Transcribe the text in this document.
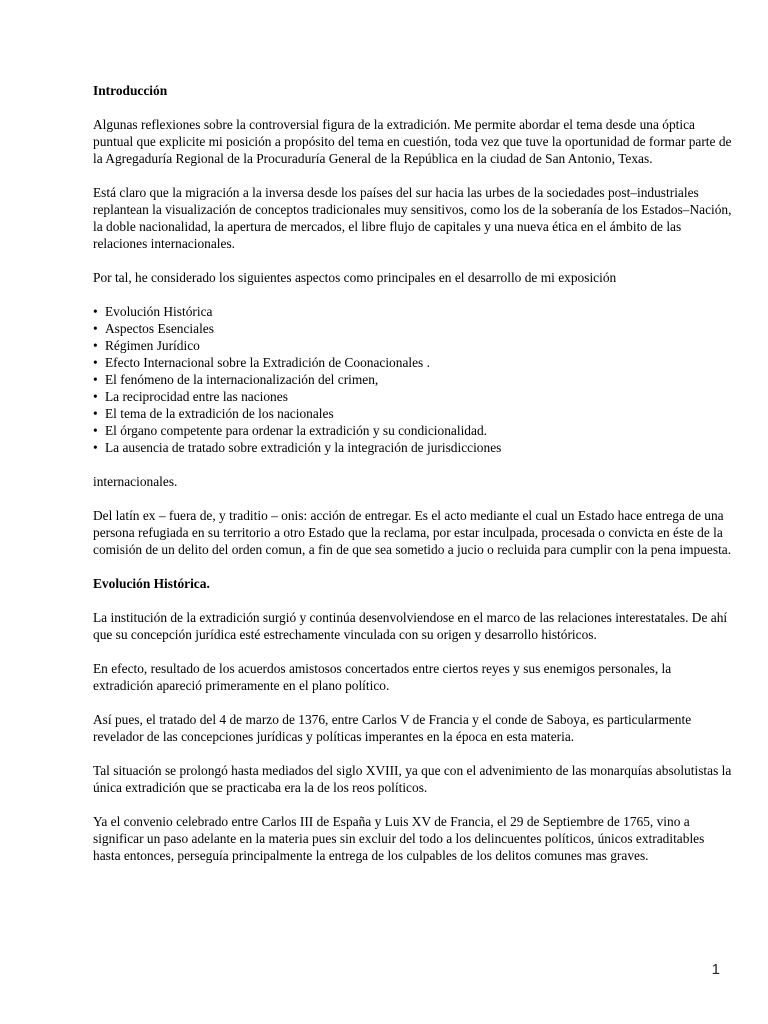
Introducción

Algunas reflexiones sobre la controversial figura de la extradición. Me permite abordar el tema desde una óptica puntual que explicite mi posición a propósito del tema en cuestión, toda vez que tuve la oportunidad de formar parte de la Agregaduría Regional de la Procuraduría General de la República en la ciudad de San Antonio, Texas.

Está claro que la migración a la inversa desde los países del sur hacia las urbes de la sociedades post–industriales replantean la visualización de conceptos tradicionales muy sensitivos, como los de la soberanía de los Estados–Nación, la doble nacionalidad, la apertura de mercados, el libre flujo de capitales y una nueva ética en el ámbito de las relaciones internacionales.

Por tal, he considerado los siguientes aspectos como principales en el desarrollo de mi exposición

• Evolución Histórica
• Aspectos Esenciales
• Régimen Jurídico
• Efecto Internacional sobre la Extradición de Coonacionales .
• El fenómeno de la internacionalización del crimen,
• La reciprocidad entre las naciones
• El tema de la extradición de los nacionales
• El órgano competente para ordenar la extradición y su condicionalidad.
• La ausencia de tratado sobre extradición y la integración de jurisdicciones

internacionales.

Del latín ex – fuera de, y traditio – onis: acción de entregar. Es el acto mediante el cual un Estado hace entrega de una persona refugiada en su territorio a otro Estado que la reclama, por estar inculpada, procesada o convicta en éste de la comisión de un delito del orden comun, a fin de que sea sometido a jucio o recluida para cumplir con la pena impuesta.

Evolución Histórica.

La institución de la extradición surgió y continúa desenvolviendose en el marco de las relaciones interestatales. De ahí que su concepción jurídica esté estrechamente vinculada con su origen y desarrollo históricos.

En efecto, resultado de los acuerdos amistosos concertados entre ciertos reyes y sus enemigos personales, la extradición apareció primeramente en el plano político.

Así pues, el tratado del 4 de marzo de 1376, entre Carlos V de Francia y el conde de Saboya, es particularmente revelador de las concepciones jurídicas y políticas imperantes en la época en esta materia.

Tal situación se prolongó hasta mediados del siglo XVIII, ya que con el advenimiento de las monarquías absolutistas la única extradición que se practicaba era la de los reos políticos.

Ya el convenio celebrado entre Carlos III de España y Luis XV de Francia, el 29 de Septiembre de 1765, vino a significar un paso adelante en la materia pues sin excluir del todo a los delincuentes políticos, únicos extraditables hasta entonces, perseguía principalmente la entrega de los culpables de los delitos comunes mas graves.

1
